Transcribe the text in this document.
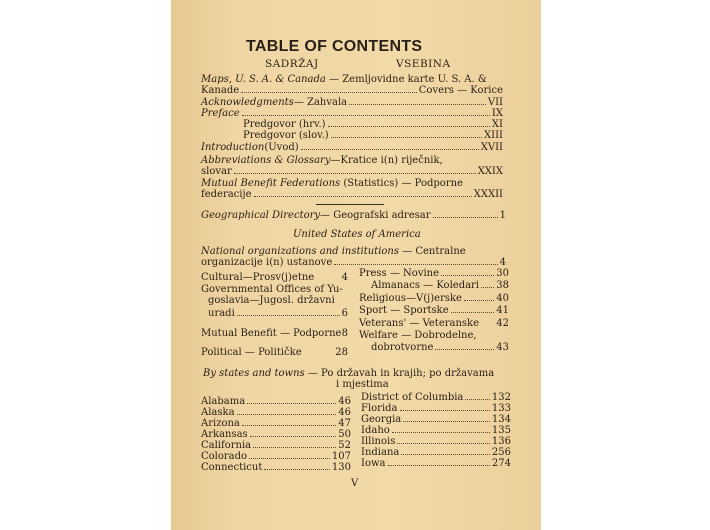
TABLE OF CONTENTS
SADRŽAJ	VSEBINA
Maps, U. S. A. & Canada — Zemljovidne karte U. S. A. &
Kanade	Covers — Korice
Acknowledgments — Zahvala	VII
Preface	IX
Predgovor (hrv.)	XI
Predgovor (slov.)	XIII
Introduction (Uvod)	XVII
Abbreviations & Glossary—Kratice i(n) riječnik,
slovar	XXIX
Mutual Benefit Federations (Statistics) — Podporne
federacije	XXXII
Geographical Directory — Geografski adresar	1
United States of America
National organizations and institutions — Centralne
organizacije i(n) ustanove	4
Cultural—Prosv(j)etne	4
Governmental Offices of Yu-
goslavia—Jugosl. državni
uradi	6
Mutual Benefit — Podporne 8
Political — Političke	28
Press — Novine	30
Almanacs — Koledari 38
Religious—V(j)erske	40
Sport — Sportske	41
Veterans' — Veteranske 42
Welfare — Dobrodelne,
dobrotvorne	43
By states and towns — Po državah in krajih; po državama
i mjestima
Alabama	46
Alaska	46
Arizona	47
Arkansas	50
California	52
Colorado	107
Connecticut	130
District of Columbia	132
Florida	133
Georgia	134
Idaho	135
Illinois	136
Indiana	256
Iowa	274
V
